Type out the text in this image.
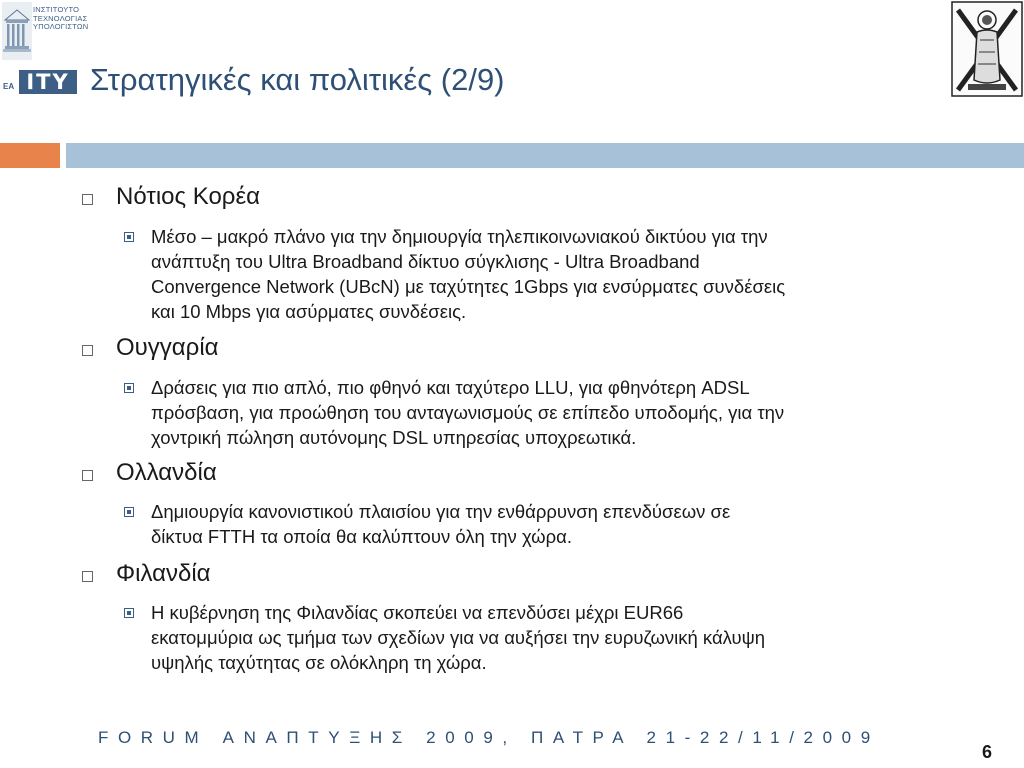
ΙΝΣΤΙΤΟΥΤΟ
ΤΕΧΝΟΛΟΓΙΑΣ
ΥΠΟΛΟΓΙΣΤΩΝ
ΕΑ ΙΤΥ Στρατηγικές και πολιτικές (2/9)
Νότιος Κορέα
Μέσο – μακρό πλάνο για την δημιουργία τηλεπικοινωνιακού δικτύου για την
ανάπτυξη του Ultra Broadband δίκτυο σύγκλισης - Ultra Broadband
Convergence Network (UBcN) με ταχύτητες 1Gbps για ενσύρματες συνδέσεις
και 10 Mbps για ασύρματες συνδέσεις.
Ουγγαρία
Δράσεις για πιο απλό, πιο φθηνό και ταχύτερο LLU, για φθηνότερη ADSL
πρόσβαση, για προώθηση του ανταγωνισμούς σε επίπεδο υποδομής, για την
χοντρική πώληση αυτόνομης DSL υπηρεσίας υποχρεωτικά.
Ολλανδία
Δημιουργία κανονιστικού πλαισίου για την ενθάρρυνση επενδύσεων σε
δίκτυα FTTH τα οποία θα καλύπτουν όλη την χώρα.
Φιλανδία
Η κυβέρνηση της Φιλανδίας σκοπεύει να επενδύσει μέχρι EUR66
εκατομμύρια ως τμήμα των σχεδίων για να αυξήσει την ευρυζωνική κάλυψη
υψηλής ταχύτητας σε ολόκληρη τη χώρα.
FORUM ΑΝΑΠΤΥΞΗΣ 2009, ΠΑΤΡΑ 21-22/11/2009
6
